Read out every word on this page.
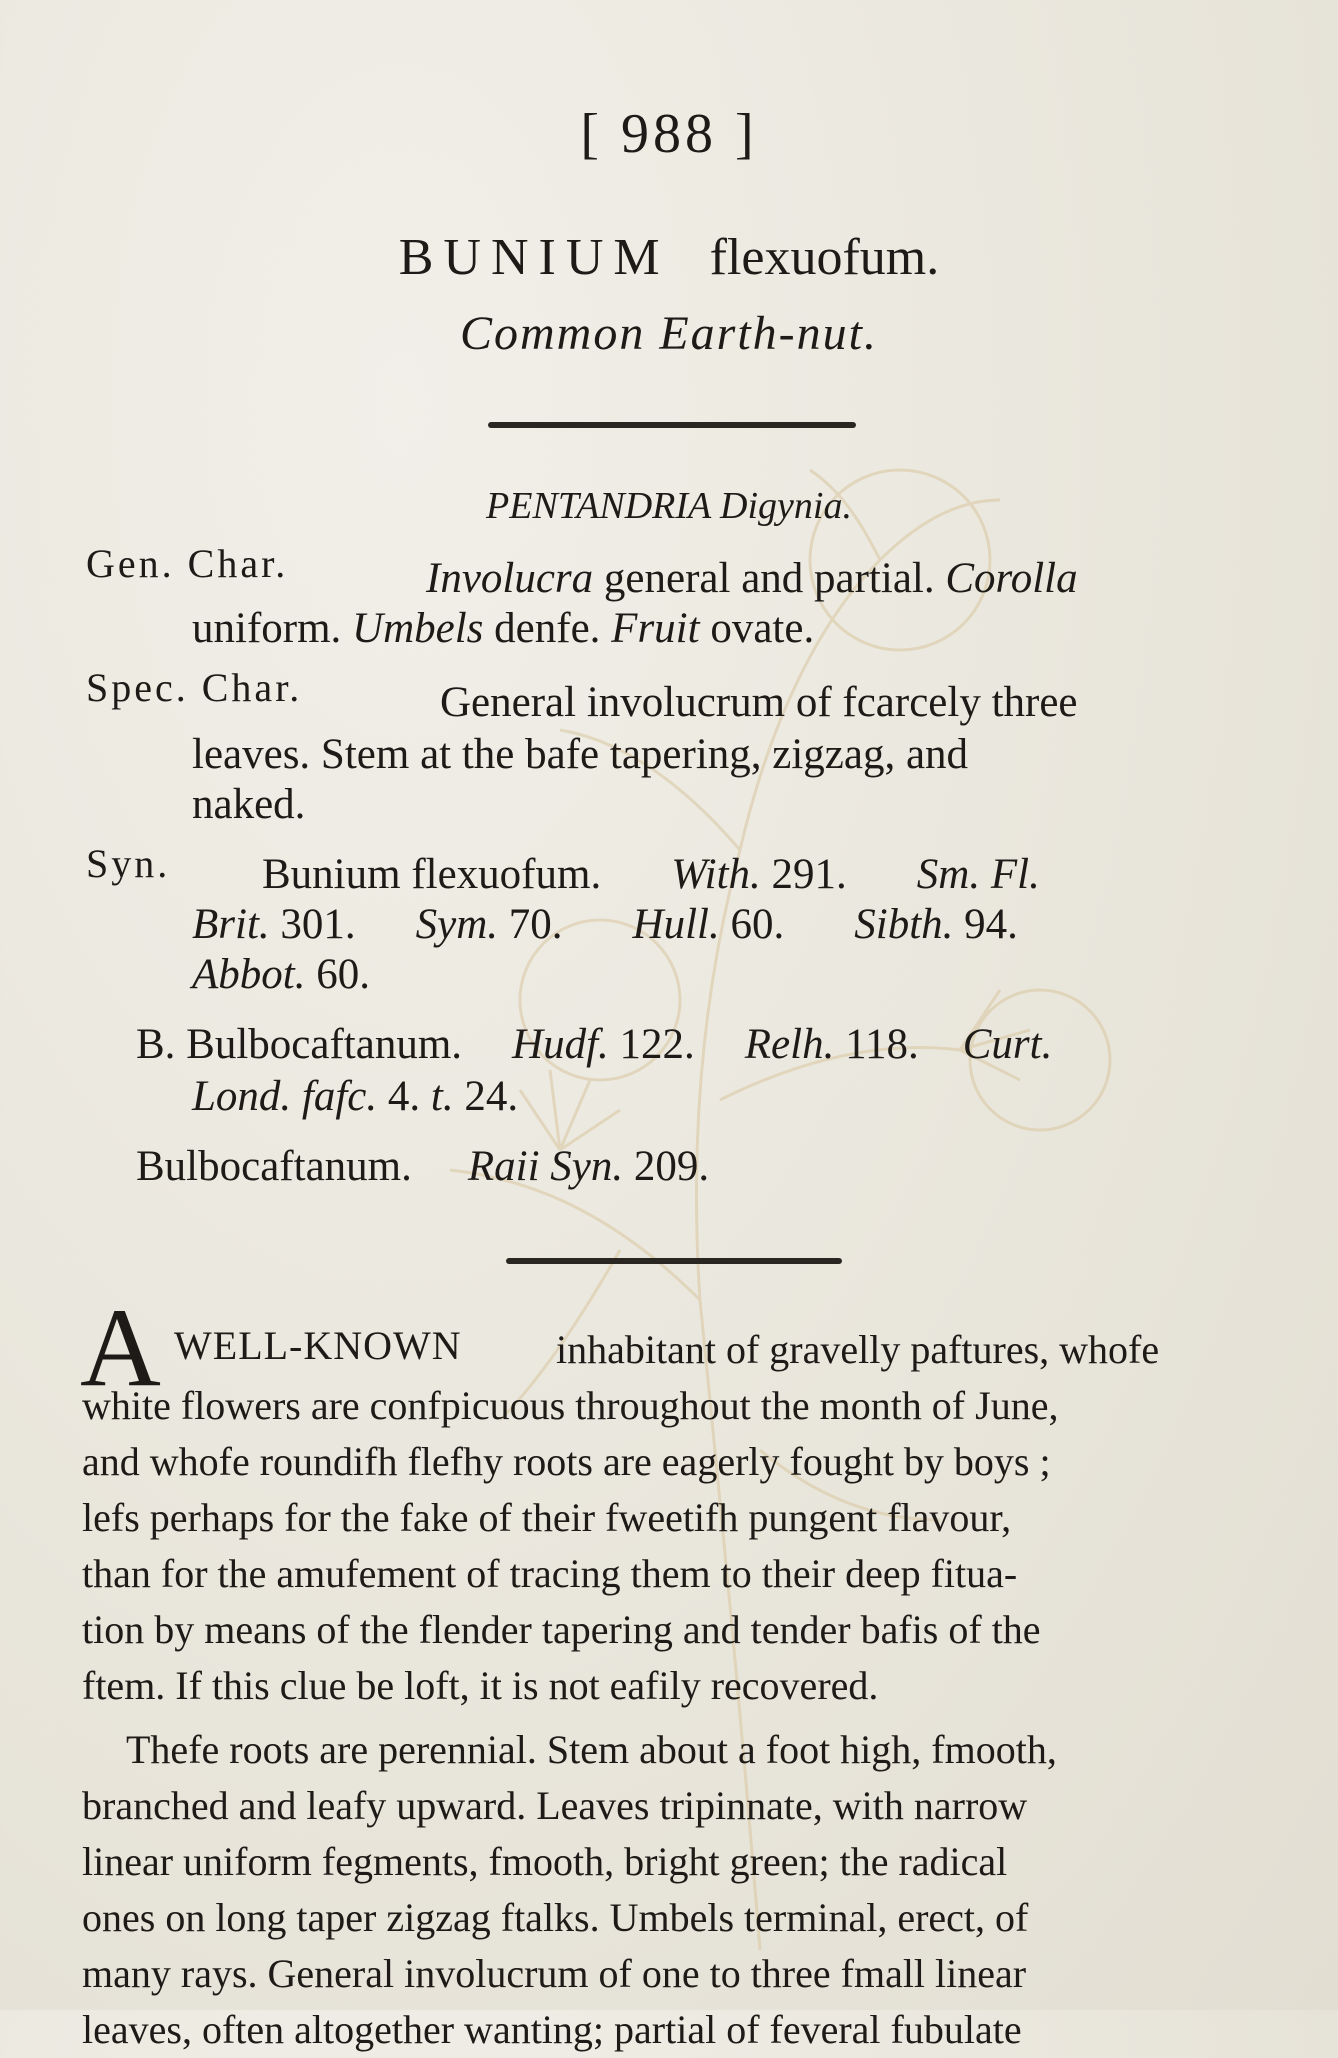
[ 988 ]
BUNIUM flexuofum.
Common Earth-nut.
PENTANDRIA Digynia.
Gen. Char.	Involucra general and partial. Corolla
uniform. Umbels denfe. Fruit ovate.
Spec. Char.	General involucrum of fcarcely three
leaves. Stem at the bafe tapering, zigzag, and
naked.
Syn. Bunium flexuofum. With. 291. Sm. Fl.
Brit. 301. Sym. 70. Hull. 60. Sibth. 94.
Abbot. 60.
B. Bulbocaftanum. Hudf. 122. Relh. 118. Curt.
Lond. fafc. 4. t. 24.
Bulbocaftanum. Raii Syn. 209.
A WELL-KNOWN inhabitant of gravelly paftures, whofe
white flowers are confpicuous throughout the month of June,
and whofe roundifh flefhy roots are eagerly fought by boys ;
lefs perhaps for the fake of their fweetifh pungent flavour,
than for the amufement of tracing them to their deep fitua-
tion by means of the flender tapering and tender bafis of the
ftem. If this clue be loft, it is not eafily recovered.
Thefe roots are perennial. Stem about a foot high, fmooth,
branched and leafy upward. Leaves tripinnate, with narrow
linear uniform fegments, fmooth, bright green; the radical
ones on long taper zigzag ftalks. Umbels terminal, erect, of
many rays. General involucrum of one to three fmall linear
leaves, often altogether wanting; partial of feveral fubulate
